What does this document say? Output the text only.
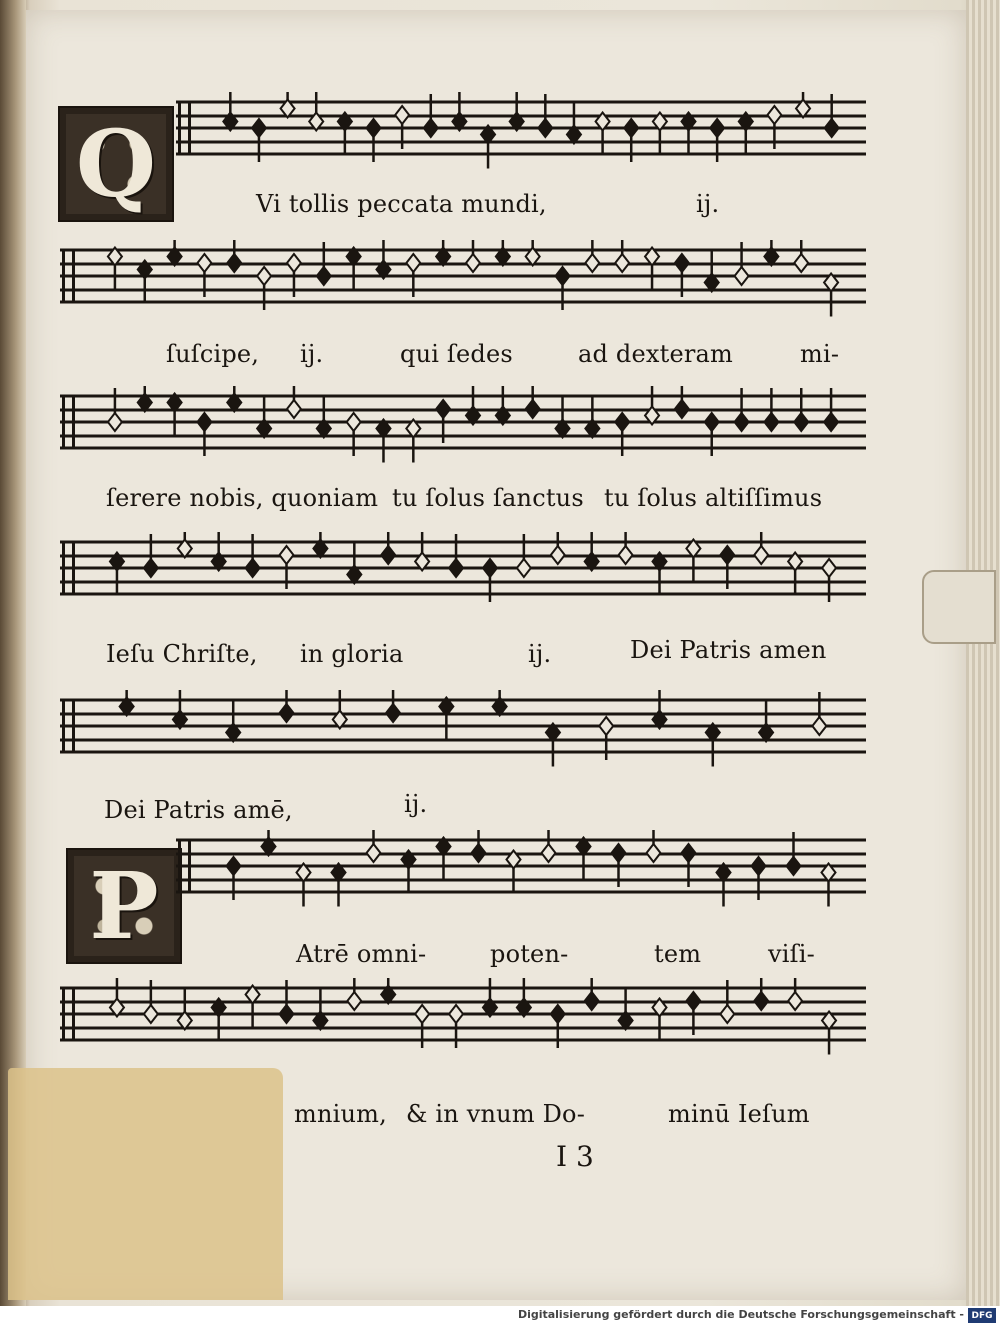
Q
P
Vi tollis peccata mundi,	ij.
ſuſcipe, ij.	qui ſedes	ad dexteram	mi-
ſerere nobis, quoniam tu ſolus ſanctus tu ſolus altiſſimus
Ieſu Chriſte, in gloria	ij.	Dei Patris amen
Dei Patris amē,	ij.
Atrē omni-	poten-	tem	viſi-
mnium, & in vnum Do-	minū Ieſum
I 3
Digitalisierung gefördert durch die Deutsche Forschungsgemeinschaft - DFG
